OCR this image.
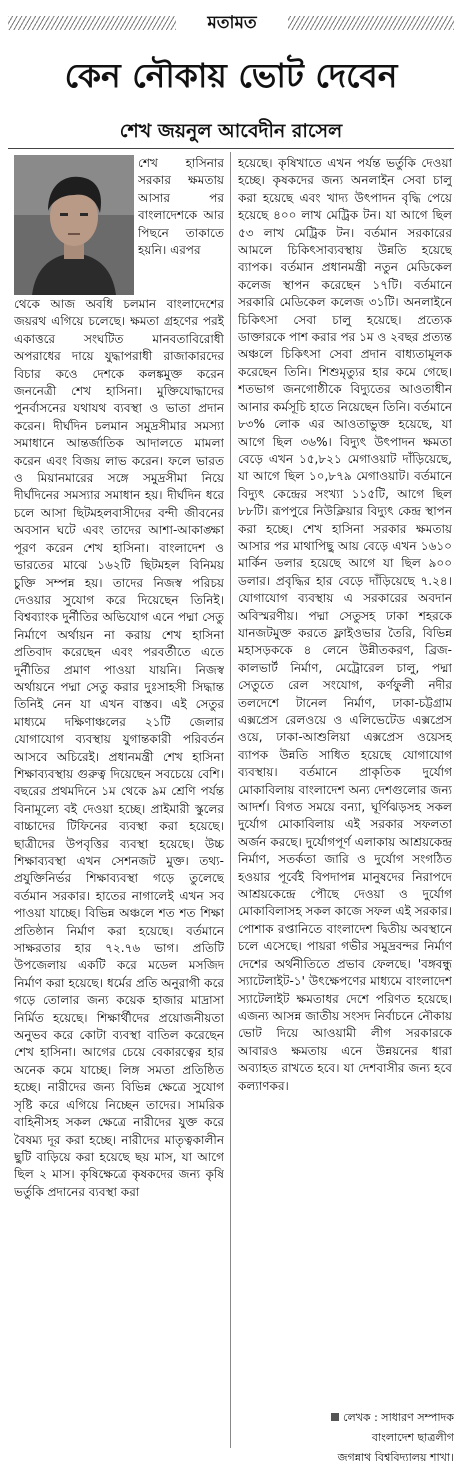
মতামত
কেন নৌকায় ভোট দেবেন
শেখ জয়নুল আবেদীন রাসেল

শেখ হাসিনার সরকার ক্ষমতায় আসার পর বাংলাদেশকে আর পিছনে তাকাতে হয়নি। এরপর

থেকে আজ অবধি চলমান বাংলাদেশের জয়রথ এগিয়ে চলেছে। ক্ষমতা গ্রহণের পরই একাত্তরে সংঘটিত মানবতাবিরোধী অপরাধের দায়ে যুদ্ধাপরাধী রাজাকারদের বিচার কওে দেশকে কলঙ্কমুক্ত করেন জননেত্রী শেখ হাসিনা। মুক্তিযোদ্ধাদের পুনর্বাসনের যথাযথ ব্যবস্থা ও ভাতা প্রদান করেন। দীর্ঘদিন চলমান সমুদ্রসীমার সমস্যা সমাধানে আন্তর্জাতিক আদালতে মামলা করেন এবং বিজয় লাভ করেন। ফলে ভারত ও মিয়ানমারের সঙ্গে সমুদ্রসীমা নিয়ে দীর্ঘদিনের সমস্যার সমাধান হয়। দীর্ঘদিন ধরে চলে আসা ছিটমহলবাসীদের বন্দী জীবনের অবসান ঘটে এবং তাদের আশা-আকাঙ্ক্ষা পূরণ করেন শেখ হাসিনা। বাংলাদেশ ও ভারতের মাঝে ১৬২টি ছিটমহল বিনিময় চুক্তি সম্পন্ন হয়। তাদের নিজস্ব পরিচয় দেওয়ার সুযোগ করে দিয়েছেন তিনিই। বিশ্বব্যাংক দুর্নীতির অভিযোগ এনে পদ্মা সেতু নির্মাণে অর্থায়ন না করায় শেখ হাসিনা প্রতিবাদ করেছেন এবং পরবর্তীতে এতে দুর্নীতির প্রমাণ পাওয়া যায়নি। নিজস্ব অর্থায়নে পদ্মা সেতু করার দুঃসাহসী সিদ্ধান্ত তিনিই নেন যা এখন বাস্তব। এই সেতুর মাধ্যমে দক্ষিণাঞ্চলের ২১টি জেলার যোগাযোগ ব্যবস্থায় যুগান্তকারী পরিবর্তন আসবে অচিরেই। প্রধানমন্ত্রী শেখ হাসিনা শিক্ষাব্যবস্থায় গুরুত্ব দিয়েছেন সবচেয়ে বেশি। বছরের প্রথমদিনে ১ম থেকে ৯ম শ্রেণি পর্যন্ত বিনামূল্যে বই দেওয়া হচ্ছে। প্রাইমারী স্কুলের বাচ্চাদের টিফিনের ব্যবস্থা করা হয়েছে। ছাত্রীদের উপবৃত্তির ব্যবস্থা হয়েছে। উচ্চ শিক্ষাব্যবস্থা এখন সেশনজট মুক্ত। তথ্য-প্রযুক্তিনির্ভর শিক্ষাব্যবস্থা গড়ে তুলেছে বর্তমান সরকার। হাতের নাগালেই এখন সব পাওয়া যাচ্ছে। বিভিন্ন অঞ্চলে শত শত শিক্ষা প্রতিষ্ঠান নির্মাণ করা হয়েছে। বর্তমানে সাক্ষরতার হার ৭২.৭৬ ভাগ। প্রতিটি উপজেলায় একটি করে মডেল মসজিদ নির্মাণ করা হয়েছে। ধর্মের প্রতি অনুরাগী করে গড়ে তোলার জন্য কয়েক হাজার মাদ্রাসা নির্মিত হয়েছে। শিক্ষার্থীদের প্রয়োজনীয়তা অনুভব করে কোটা ব্যবস্থা বাতিল করেছেন শেখ হাসিনা। আগের চেয়ে বেকারত্বের হার অনেক কমে যাচ্ছে। লিঙ্গ সমতা প্রতিষ্ঠিত হচ্ছে। নারীদের জন্য বিভিন্ন ক্ষেত্রে সুযোগ সৃষ্টি করে এগিয়ে নিচ্ছেন তাদের। সামরিক বাহিনীসহ সকল ক্ষেত্রে নারীদের যুক্ত করে বৈষম্য দূর করা হচ্ছে। নারীদের মাতৃত্বকালীন ছুটি বাড়িয়ে করা হয়েছে ছয় মাস, যা আগে ছিল ২ মাস। কৃষিক্ষেত্রে কৃষকদের জন্য কৃষি ভর্তুকি প্রদানের ব্যবস্থা করা

হয়েছে। কৃষিখাতে এখন পর্যন্ত ভর্তুকি দেওয়া হচ্ছে। কৃষকদের জন্য অনলাইন সেবা চালু করা হয়েছে এবং খাদ্য উৎপাদন বৃদ্ধি পেয়ে হয়েছে ৪০০ লাখ মেট্রিক টন। যা আগে ছিল ৫৩ লাখ মেট্রিক টন। বর্তমান সরকারের আমলে চিকিৎসাব্যবস্থায় উন্নতি হয়েছে ব্যাপক। বর্তমান প্রধানমন্ত্রী নতুন মেডিকেল কলেজ স্থাপন করেছেন ১৭টি। বর্তমানে সরকারি মেডিকেল কলেজ ৩১টি। অনলাইনে চিকিৎসা সেবা চালু হয়েছে। প্রত্যেক ডাক্তারকে পাশ করার পর ১ম ও ২বছর প্রত্যন্ত অঞ্চলে চিকিৎসা সেবা প্রদান বাধ্যতামূলক করেছেন তিনি। শিশুমৃত্যুর হার কমে গেছে। শতভাগ জনগোষ্ঠীকে বিদ্যুতের আওতাধীন আনার কর্মসূচি হাতে নিয়েছেন তিনি। বর্তমানে ৮৩% লোক এর আওতাভুক্ত হয়েছে, যা আগে ছিল ৩৬%। বিদ্যুৎ উৎপাদন ক্ষমতা বেড়ে এখন ১৫,৮২১ মেগাওয়াট দাঁড়িয়েছে, যা আগে ছিল ১০,৮৭৯ মেগাওয়াট। বর্তমানে বিদ্যুৎ কেন্দ্রের সংখ্যা ১১৫টি, আগে ছিল ৮৮টি। রূপপুরে নিউক্লিয়ার বিদ্যুৎ কেন্দ্র স্থাপন করা হচ্ছে। শেখ হাসিনা সরকার ক্ষমতায় আসার পর মাথাপিছু আয় বেড়ে এখন ১৬১০ মার্কিন ডলার হয়েছে আগে যা ছিল ৯০০ ডলার। প্রবৃদ্ধির হার বেড়ে দাঁড়িয়েছে ৭.২৪। যোগাযোগ ব্যবস্থায় এ সরকারের অবদান অবিস্মরণীয়। পদ্মা সেতুসহ ঢাকা শহরকে যানজটমুক্ত করতে ফ্লাইওভার তৈরি, বিভিন্ন মহাসড়ককে ৪ লেনে উন্নীতকরণ, ব্রিজ-কালভার্ট নির্মাণ, মেট্রোরেল চালু, পদ্মা সেতুতে রেল সংযোগ, কর্ণফুলী নদীর তলদেশে টানেল নির্মাণ, ঢাকা-চট্টগ্রাম এক্সপ্রেস রেলওয়ে ও এলিভেটেড এক্সপ্রেস ওয়ে, ঢাকা-আশুলিয়া এক্সপ্রেস ওয়েসহ ব্যাপক উন্নতি সাধিত হয়েছে যোগাযোগ ব্যবস্থায়। বর্তমানে প্রাকৃতিক দুর্যোগ মোকাবিলায় বাংলাদেশ অন্য দেশগুলোর জন্য আদর্শ। বিগত সময়ে বন্যা, ঘূর্ণিঝড়সহ সকল দুর্যোগ মোকাবিলায় এই সরকার সফলতা অর্জন করছে। দুর্যোগপূর্ণ এলাকায় আশ্রয়কেন্দ্র নির্মাণ, সতর্কতা জারি ও দুর্যোগ সংগঠিত হওয়ার পূর্বেই বিপদাপন্ন মানুষদের নিরাপদে আশ্রয়কেন্দ্রে পৌছে দেওয়া ও দুর্যোগ মোকাবিলাসহ সকল কাজে সফল এই সরকার। পোশাক রপ্তানিতে বাংলাদেশ দ্বিতীয় অবস্থানে চলে এসেছে। পায়রা গভীর সমুদ্রবন্দর নির্মাণ দেশের অর্থনীতিতে প্রভাব ফেলছে। 'বঙ্গবন্ধু স্যাটেলাইট-১' উৎক্ষেপণের মাধ্যমে বাংলাদেশ স্যাটেলাইট ক্ষমতাধর দেশে পরিণত হয়েছে। এজন্য আসন্ন জাতীয় সংসদ নির্বাচনে নৌকায় ভোট দিয়ে আওয়ামী লীগ সরকারকে আবারও ক্ষমতায় এনে উন্নয়নের ধারা অব্যাহত রাখতে হবে। যা দেশবাসীর জন্য হবে কল্যাণকর।

লেখক : সাধারণ সম্পাদক
বাংলাদেশ ছাত্রলীগ
জগন্নাথ বিশ্ববিদ্যালয় শাখা।
